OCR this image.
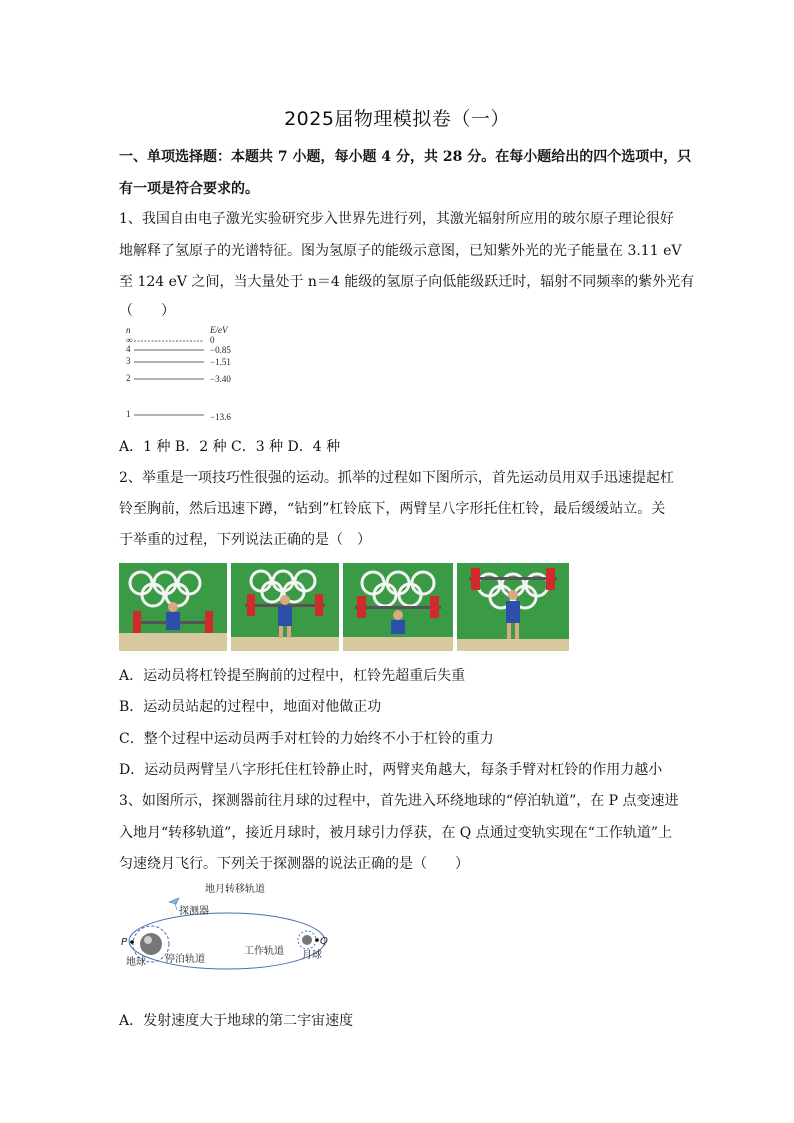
2025届物理模拟卷（一）
一、单项选择题：本题共 7 小题，每小题 4 分，共 28 分。在每小题给出的四个选项中，只
有一项是符合要求的。
1、我国自由电子激光实验研究步入世界先进行列，其激光辐射所应用的玻尔原子理论很好
地解释了氢原子的光谱特征。图为氢原子的能级示意图，已知紫外光的光子能量在 3.11 eV
至 124 eV 之间，当大量处于 n＝4 能级的氢原子向低能级跃迁时，辐射不同频率的紫外光有
（　　）
n	E/eV
∞	0
4	−0.85
3	−1.51
2	−3.40
1	−13.6
A．1 种 B．2 种 C．3 种 D．4 种
2、举重是一项技巧性很强的运动。抓举的过程如下图所示，首先运动员用双手迅速提起杠
铃至胸前，然后迅速下蹲，“钻到”杠铃底下，两臂呈八字形托住杠铃，最后缓缓站立。关
于举重的过程，下列说法正确的是（　）
A．运动员将杠铃提至胸前的过程中，杠铃先超重后失重
B．运动员站起的过程中，地面对他做正功
C．整个过程中运动员两手对杠铃的力始终不小于杠铃的重力
D．运动员两臂呈八字形托住杠铃静止时，两臂夹角越大，每条手臂对杠铃的作用力越小
3、如图所示，探测器前往月球的过程中，首先进入环绕地球的“停泊轨道”，在 P 点变速进
入地月“转移轨道”，接近月球时，被月球引力俘获，在 Q 点通过变轨实现在“工作轨道”上
匀速绕月飞行。下列关于探测器的说法正确的是（　　）
地月转移轨道
探测器
P	Q
地球 停泊轨道
工作轨道 月球
A．发射速度大于地球的第二宇宙速度
